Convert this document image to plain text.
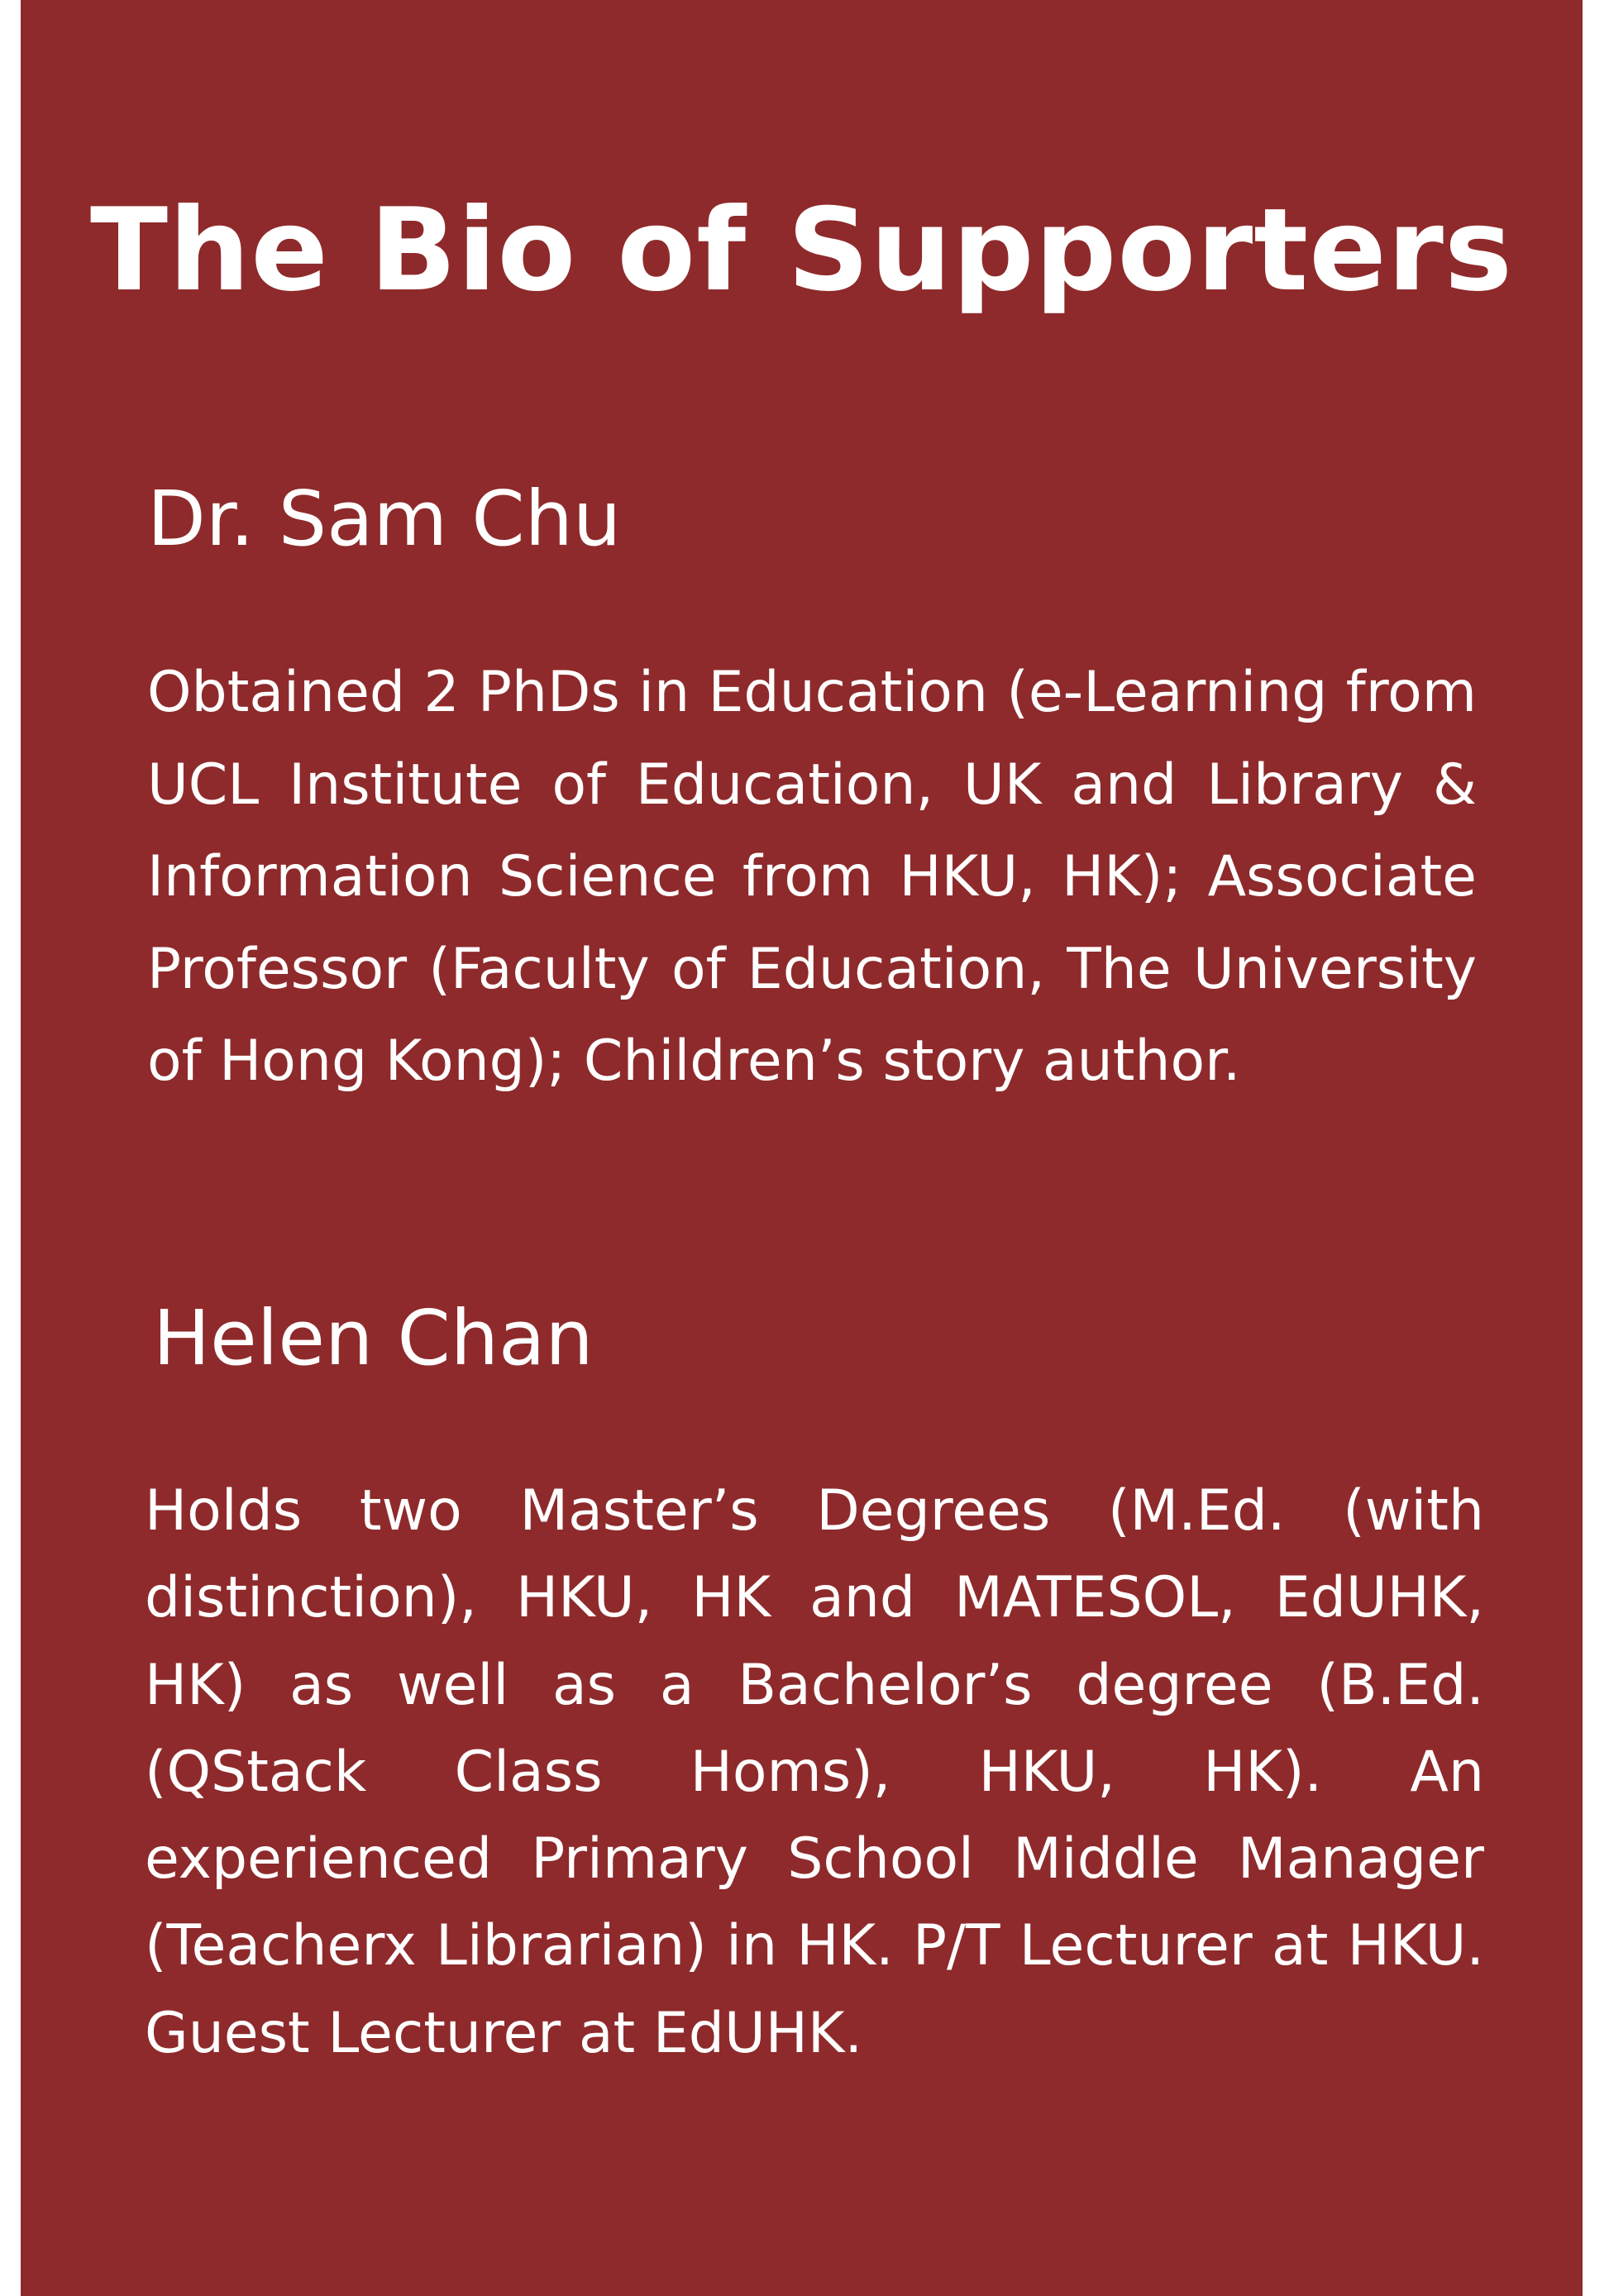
The Bio of Supporters
Dr. Sam Chu

Obtained 2 PhDs in Education (e-Learning from UCL Institute of Education, UK and Library & Information Science from HKU, HK); Associate Professor (Faculty of Education, The University of Hong Kong); Children’s story author.

Helen Chan

Holds two Master’s Degrees (M.Ed. (with distinction), HKU, HK and MATESOL, EdUHK, HK) as well as a Bachelor’s degree (B.Ed. (QStack Class Homs), HKU, HK). An experienced Primary School Middle Manager (Teacherx Librarian) in HK. P/T Lecturer at HKU. Guest Lecturer at EdUHK.
